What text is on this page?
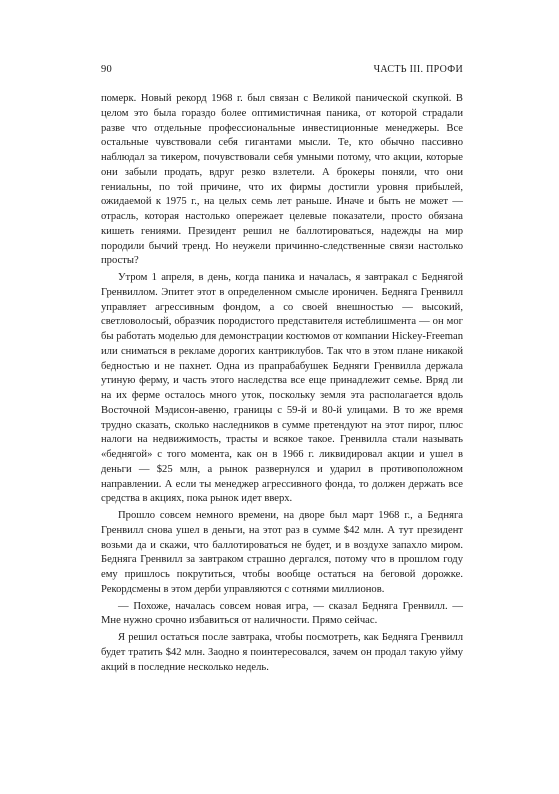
90	ЧАСТЬ III. ПРОФИ

померк. Новый рекорд 1968 г. был связан с Великой панической скупкой. В целом это была гораздо более оптимистичная паника, от которой страдали разве что отдельные профессиональные инвестиционные менеджеры. Все остальные чувствовали себя гигантами мысли. Те, кто обычно пассивно наблюдал за тикером, почувствовали себя умными потому, что акции, которые они забыли продать, вдруг резко взлетели. А брокеры поняли, что они гениальны, по той причине, что их фирмы достигли уровня прибылей, ожидаемой к 1975 г., на целых семь лет раньше. Иначе и быть не может — отрасль, которая настолько опережает целевые показатели, просто обязана кишеть гениями. Президент решил не баллотироваться, надежды на мир породили бычий тренд. Но неужели причинно-следственные связи настолько просты?

Утром 1 апреля, в день, когда паника и началась, я завтракал с Беднягой Гренвиллом. Эпитет этот в определенном смысле ироничен. Бедняга Гренвилл управляет агрессивным фондом, а со своей внешностью — высокий, светловолосый, образчик породистого представителя истеблишмента — он мог бы работать моделью для демонстрации костюмов от компании Hickey-Freeman или сниматься в рекламе дорогих кантриклубов. Так что в этом плане никакой бедностью и не пахнет. Одна из прапрабабушек Бедняги Гренвилла держала утиную ферму, и часть этого наследства все еще принадлежит семье. Вряд ли на их ферме осталось много уток, поскольку земля эта располагается вдоль Восточной Мэдисон-авеню, границы с 59-й и 80-й улицами. В то же время трудно сказать, сколько наследников в сумме претендуют на этот пирог, плюс налоги на недвижимость, трасты и всякое такое. Гренвилла стали называть «беднягой» с того момента, как он в 1966 г. ликвидировал акции и ушел в деньги — $25 млн, а рынок развернулся и ударил в противоположном направлении. А если ты менеджер агрессивного фонда, то должен держать все средства в акциях, пока рынок идет вверх.

Прошло совсем немного времени, на дворе был март 1968 г., а Бедняга Гренвилл снова ушел в деньги, на этот раз в сумме $42 млн. А тут президент возьми да и скажи, что баллотироваться не будет, и в воздухе запахло миром. Бедняга Гренвилл за завтраком страшно дергался, потому что в прошлом году ему пришлось покрутиться, чтобы вообще остаться на беговой дорожке. Рекордсмены в этом дерби управляются с сотнями миллионов.

— Похоже, началась совсем новая игра, — сказал Бедняга Гренвилл. — Мне нужно срочно избавиться от наличности. Прямо сейчас.

Я решил остаться после завтрака, чтобы посмотреть, как Бедняга Гренвилл будет тратить $42 млн. Заодно я поинтересовался, зачем он продал такую уйму акций в последние несколько недель.
